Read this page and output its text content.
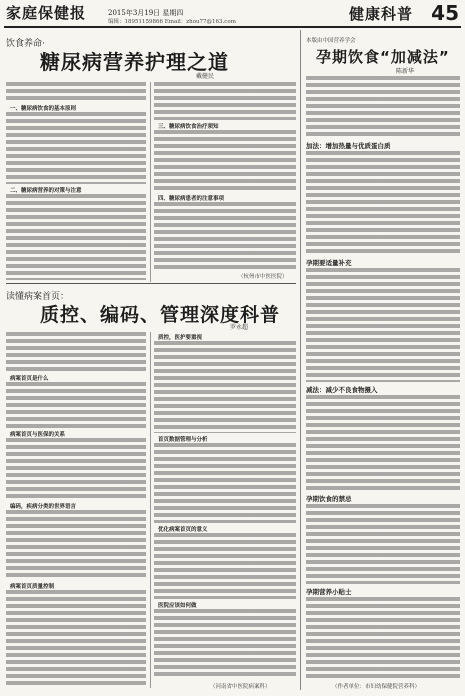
家庭保健报	2015年3月19日 星期四
编辑：18951159866 Email：zhou77@163.com	健康科普 45
饮食养命·
糖尿病营养护理之道
戴健民
一、糖尿病饮食的基本原则
二、糖尿病营养的对策与注意
三、糖尿病饮食治疗须知
四、糖尿病患者的注意事项
（杭州市中医医院）
读懂病案首页：
质控、编码、管理深度科普
罗永超
病案首页是什么
病案首页与医保的关系
编码，疾病分类的世界语言
病案首页质量控制
质控，医护要重视
首页数据管理与分析
优化病案首页的意义
医院应该如何做
（河南省中医院病案科）
本版由中国营养学会
孕期饮食“加减法”
陈新华
加法：增加热量与优质蛋白质
孕期要适量补充
减法：减少不良食物摄入
孕期饮食的禁忌
孕期营养小贴士
（作者单位：市妇幼保健院营养科）
